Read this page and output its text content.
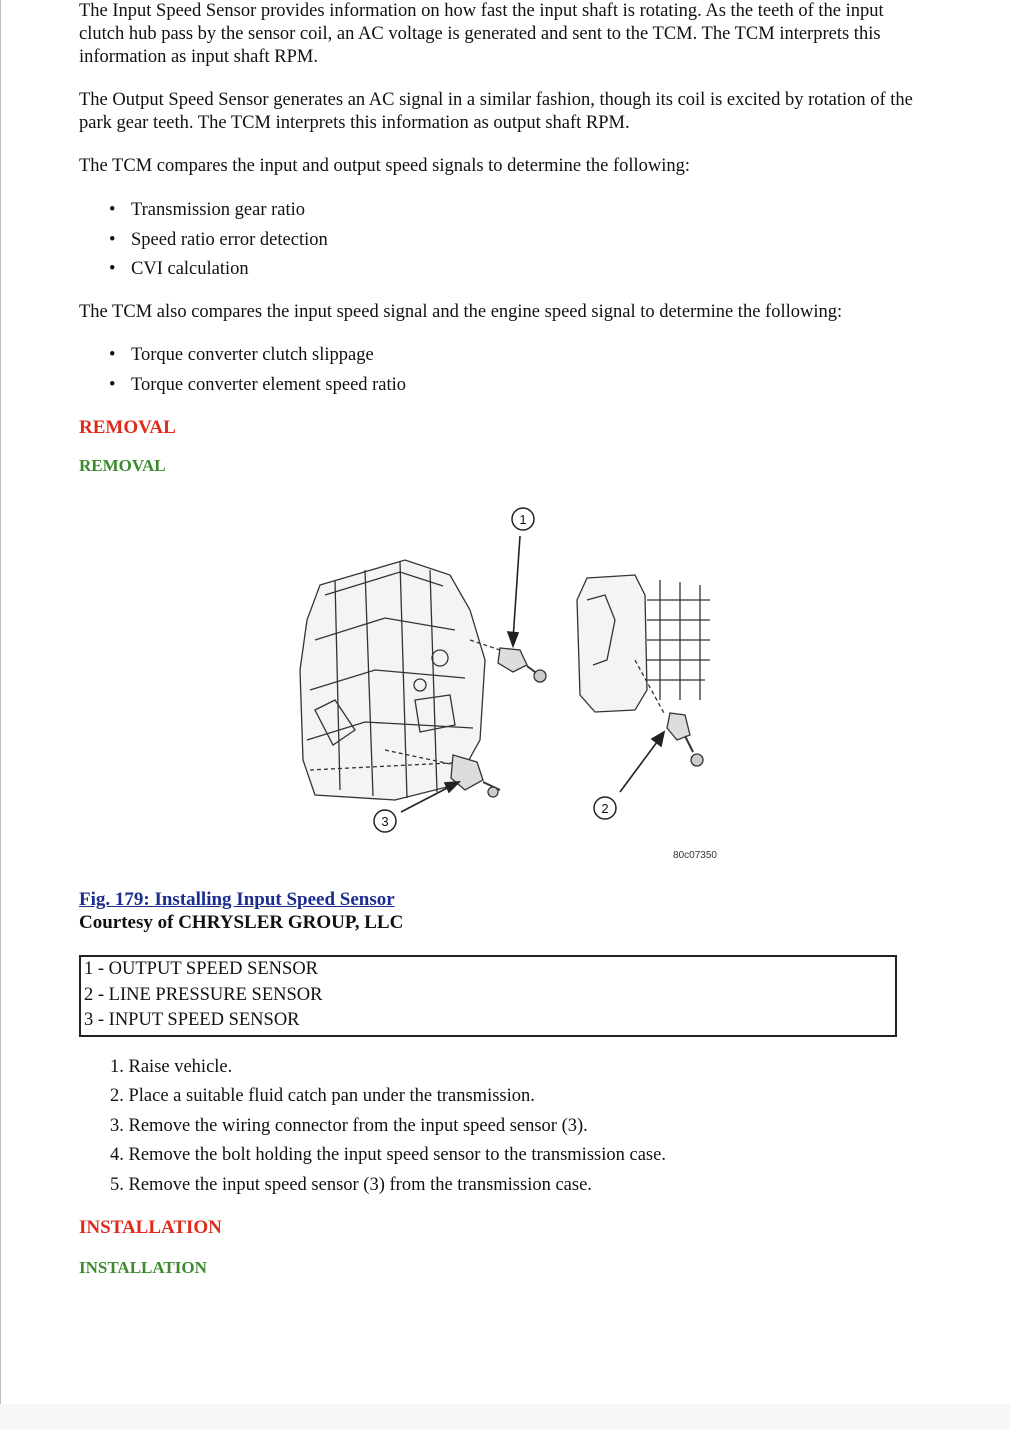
The Input Speed Sensor provides information on how fast the input shaft is rotating. As the teeth of the input clutch hub pass by the sensor coil, an AC voltage is generated and sent to the TCM. The TCM interprets this information as input shaft RPM.

The Output Speed Sensor generates an AC signal in a similar fashion, though its coil is excited by rotation of the park gear teeth. The TCM interprets this information as output shaft RPM.

The TCM compares the input and output speed signals to determine the following:

• Transmission gear ratio
• Speed ratio error detection
• CVI calculation

The TCM also compares the input speed signal and the engine speed signal to determine the following:

• Torque converter clutch slippage
• Torque converter element speed ratio
REMOVAL
REMOVAL
Fig. 179: Installing Input Speed Sensor
Courtesy of CHRYSLER GROUP, LLC
1 - OUTPUT SPEED SENSOR
2 - LINE PRESSURE SENSOR
3 - INPUT SPEED SENSOR
1. Raise vehicle.
2. Place a suitable fluid catch pan under the transmission.
3. Remove the wiring connector from the input speed sensor (3).
4. Remove the bolt holding the input speed sensor to the transmission case.
5. Remove the input speed sensor (3) from the transmission case.
INSTALLATION
INSTALLATION
1
2
3
80c07350
